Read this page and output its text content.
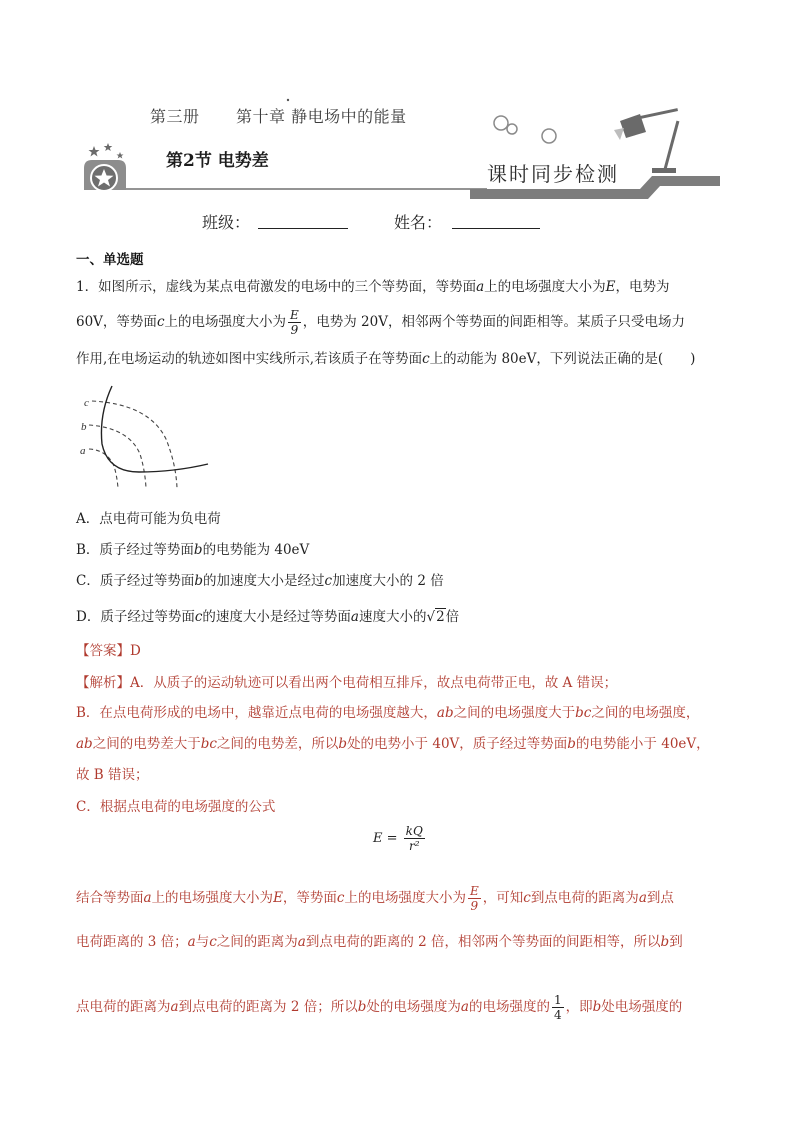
第三册 第十章 静电场中的能量
第2节 电势差
课时同步检测
班级：	姓名：
一、单选题
1．如图所示，虚线为某点电荷激发的电场中的三个等势面，等势面a上的电场强度大小为E，电势为
60V，等势面c上的电场强度大小为 $\frac{E}{9}$ ，电势为 20V，相邻两个等势面的间距相等。某质子只受电场力
作用,在电场运动的轨迹如图中实线所示,若该质子在等势面c上的动能为 80eV，下列说法正确的是(　　)
c
b
a
A．点电荷可能为负电荷
B．质子经过等势面b的电势能为 40eV
C．质子经过等势面b的加速度大小是经过c加速度大小的 2 倍
D．质子经过等势面c的速度大小是经过等势面a速度大小的√2倍
【答案】D
【解析】A．从质子的运动轨迹可以看出两个电荷相互排斥，故点电荷带正电，故 A 错误；
B．在点电荷形成的电场中，越靠近点电荷的电场强度越大，ab之间的电场强度大于bc之间的电场强度，
ab之间的电势差大于bc之间的电势差，所以b处的电势小于 40V，质子经过等势面b的电势能小于 40eV，
故 B 错误；
C．根据点电荷的电场强度的公式
$E = \frac{kQ}{\text{r²}}$
结合等势面a上的电场强度大小为E，等势面c上的电场强度大小为 $\frac{E}{9}$ ，可知c到点电荷的距离为a到点
电荷距离的 3 倍；a与c之间的距离为a到点电荷的距离的 2 倍，相邻两个等势面的间距相等，所以b到
点电荷的距离为a到点电荷的距离为 2 倍；所以b处的电场强度为a的电场强度的 $\frac{1}{4}$ ，即b处电场强度的
